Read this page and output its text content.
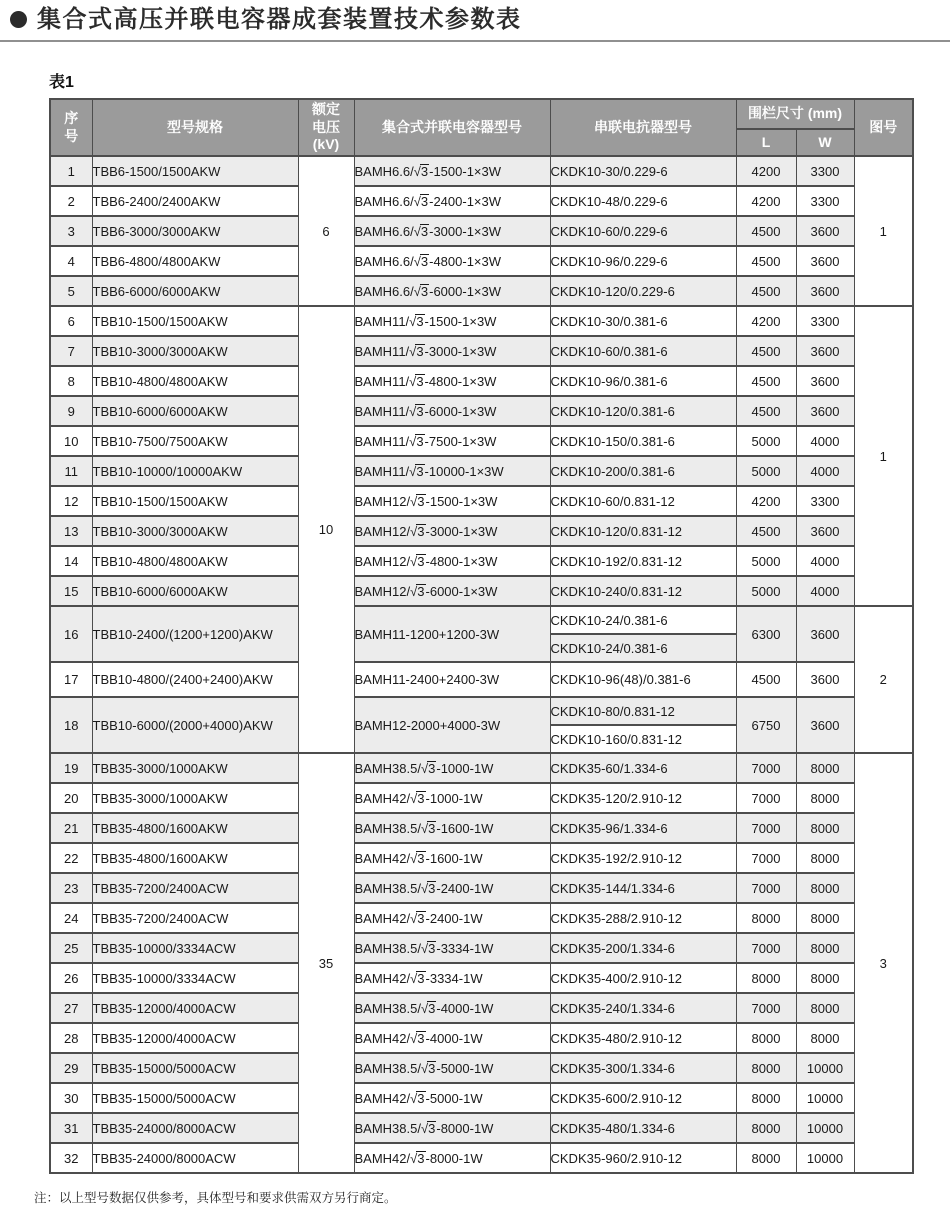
集合式高压并联电容器成套装置技术参数表
表1
序
号	型号规格	额定
电压
(kV)	集合式并联电容器型号	串联电抗器型号	围栏尺寸 (mm)		图号
					L	W	
1	TBB6-1500/1500AKW	6	BAMH6.6/√3-1500-1×3W	CKDK10-30/0.229-6	4200	3300	1
2	TBB6-2400/2400AKW		BAMH6.6/√3-2400-1×3W	CKDK10-48/0.229-6	4200	3300	
3	TBB6-3000/3000AKW		BAMH6.6/√3-3000-1×3W	CKDK10-60/0.229-6	4500	3600	
4	TBB6-4800/4800AKW		BAMH6.6/√3-4800-1×3W	CKDK10-96/0.229-6	4500	3600	
5	TBB6-6000/6000AKW		BAMH6.6/√3-6000-1×3W	CKDK10-120/0.229-6	4500	3600	
6	TBB10-1500/1500AKW	10	BAMH11/√3-1500-1×3W	CKDK10-30/0.381-6	4200	3300	1
7	TBB10-3000/3000AKW		BAMH11/√3-3000-1×3W	CKDK10-60/0.381-6	4500	3600	
8	TBB10-4800/4800AKW		BAMH11/√3-4800-1×3W	CKDK10-96/0.381-6	4500	3600	
9	TBB10-6000/6000AKW		BAMH11/√3-6000-1×3W	CKDK10-120/0.381-6	4500	3600	
10	TBB10-7500/7500AKW		BAMH11/√3-7500-1×3W	CKDK10-150/0.381-6	5000	4000	
11	TBB10-10000/10000AKW		BAMH11/√3-10000-1×3W	CKDK10-200/0.381-6	5000	4000	
12	TBB10-1500/1500AKW		BAMH12/√3-1500-1×3W	CKDK10-60/0.831-12	4200	3300	
13	TBB10-3000/3000AKW		BAMH12/√3-3000-1×3W	CKDK10-120/0.831-12	4500	3600	
14	TBB10-4800/4800AKW		BAMH12/√3-4800-1×3W	CKDK10-192/0.831-12	5000	4000	
15	TBB10-6000/6000AKW		BAMH12/√3-6000-1×3W	CKDK10-240/0.831-12	5000	4000	
16	TBB10-2400/(1200+1200)AKW		BAMH11-1200+1200-3W	CKDK10-24/0.381-6	6300	3600	2
				CKDK10-24/0.381-6			
17	TBB10-4800/(2400+2400)AKW		BAMH11-2400+2400-3W	CKDK10-96(48)/0.381-6	4500	3600	
18	TBB10-6000/(2000+4000)AKW		BAMH12-2000+4000-3W	CKDK10-80/0.831-12	6750	3600	
				CKDK10-160/0.831-12			
19	TBB35-3000/1000AKW	35	BAMH38.5/√3-1000-1W	CKDK35-60/1.334-6	7000	8000	3
20	TBB35-3000/1000AKW		BAMH42/√3-1000-1W	CKDK35-120/2.910-12	7000	8000	
21	TBB35-4800/1600AKW		BAMH38.5/√3-1600-1W	CKDK35-96/1.334-6	7000	8000	
22	TBB35-4800/1600AKW		BAMH42/√3-1600-1W	CKDK35-192/2.910-12	7000	8000	
23	TBB35-7200/2400ACW		BAMH38.5/√3-2400-1W	CKDK35-144/1.334-6	7000	8000	
24	TBB35-7200/2400ACW		BAMH42/√3-2400-1W	CKDK35-288/2.910-12	8000	8000	
25	TBB35-10000/3334ACW		BAMH38.5/√3-3334-1W	CKDK35-200/1.334-6	7000	8000	
26	TBB35-10000/3334ACW		BAMH42/√3-3334-1W	CKDK35-400/2.910-12	8000	8000	
27	TBB35-12000/4000ACW		BAMH38.5/√3-4000-1W	CKDK35-240/1.334-6	7000	8000	
28	TBB35-12000/4000ACW		BAMH42/√3-4000-1W	CKDK35-480/2.910-12	8000	8000	
29	TBB35-15000/5000ACW		BAMH38.5/√3-5000-1W	CKDK35-300/1.334-6	8000	10000	
30	TBB35-15000/5000ACW		BAMH42/√3-5000-1W	CKDK35-600/2.910-12	8000	10000	
31	TBB35-24000/8000ACW		BAMH38.5/√3-8000-1W	CKDK35-480/1.334-6	8000	10000	
32	TBB35-24000/8000ACW		BAMH42/√3-8000-1W	CKDK35-960/2.910-12	8000	10000	
注：以上型号数据仅供参考，具体型号和要求供需双方另行商定。
